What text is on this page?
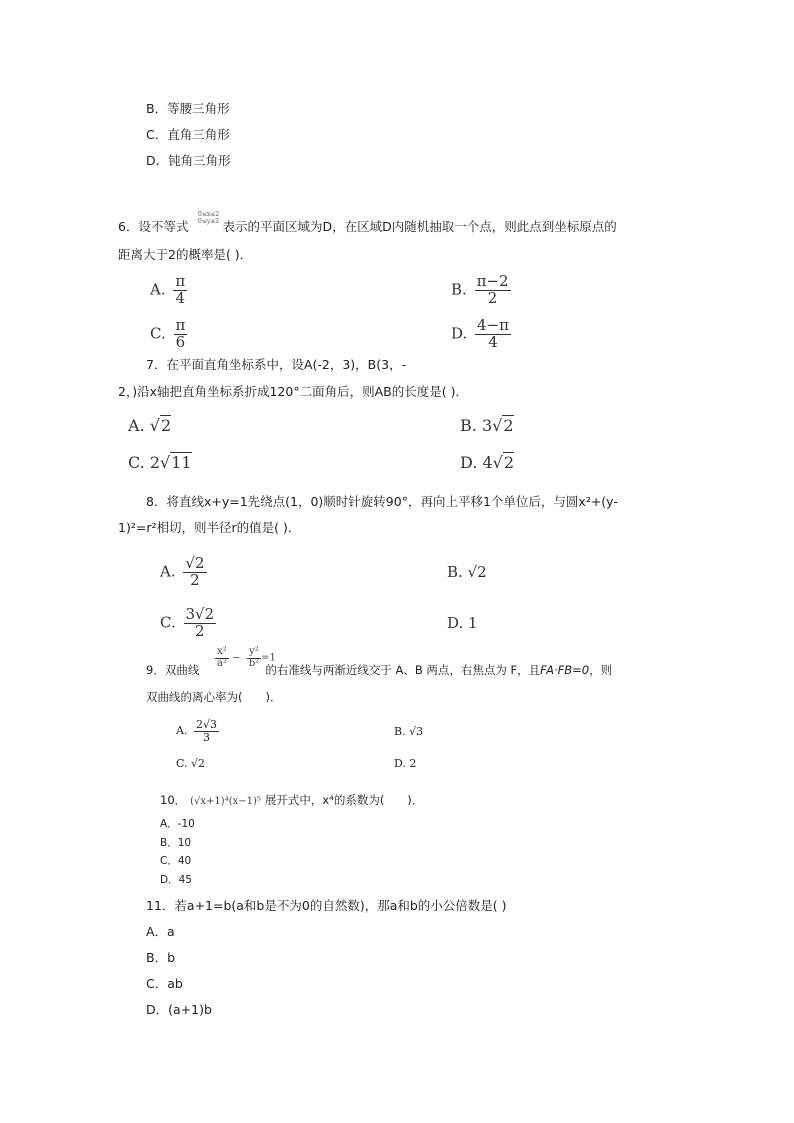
B．等腰三角形
C．直角三角形
D．钝角三角形
6．设不等式	表示的平面区域为D，在区域D内随机抽取一个点，则此点到坐标原点的
0≤x≤2
0≤y≤2
距离大于2的概率是( )．
A. $\frac{\pi}{4}$	B. $\frac{\pi-2}{2}$
C. $\frac{\pi}{6}$	D. $\frac{4-\pi}{4}$
7．在平面直角坐标系中，设A(-2，3)，B(3，-
2，)沿x轴把直角坐标系折成120°二面角后，则AB的长度是( )．
A. √2	B. 3√2
C. 2√11	D. 4√2
8．将直线x+y=1先绕点(1，0)顺时针旋转90°，再向上平移1个单位后，与圆x²+(y-
1)²=r²相切，则半径r的值是( )．
A. $\frac{√2}{2}$	B. √2
C. $\frac{3√2}{2}$	D. 1
9．双曲线	的右准线与两渐近线交于 A、B 两点，右焦点为 F，且FA·FB=0，则
$\frac{\text{x²}}{\text{a²}} - \frac{\text{y²}}{\text{b²}} =1$
双曲线的离心率为(　　)．
A. $\frac{2√3}{3}$	B. √3
C. √2	D. 2
10． (√x+1)⁴(x−1)⁵ 展开式中，x⁴的系数为(　　)．
A．-10
B．10
C．40
D．45
11．若a+1=b(a和b是不为0的自然数)，那a和b的小公倍数是( )
A．a
B．b
C．ab
D．(a+1)b
